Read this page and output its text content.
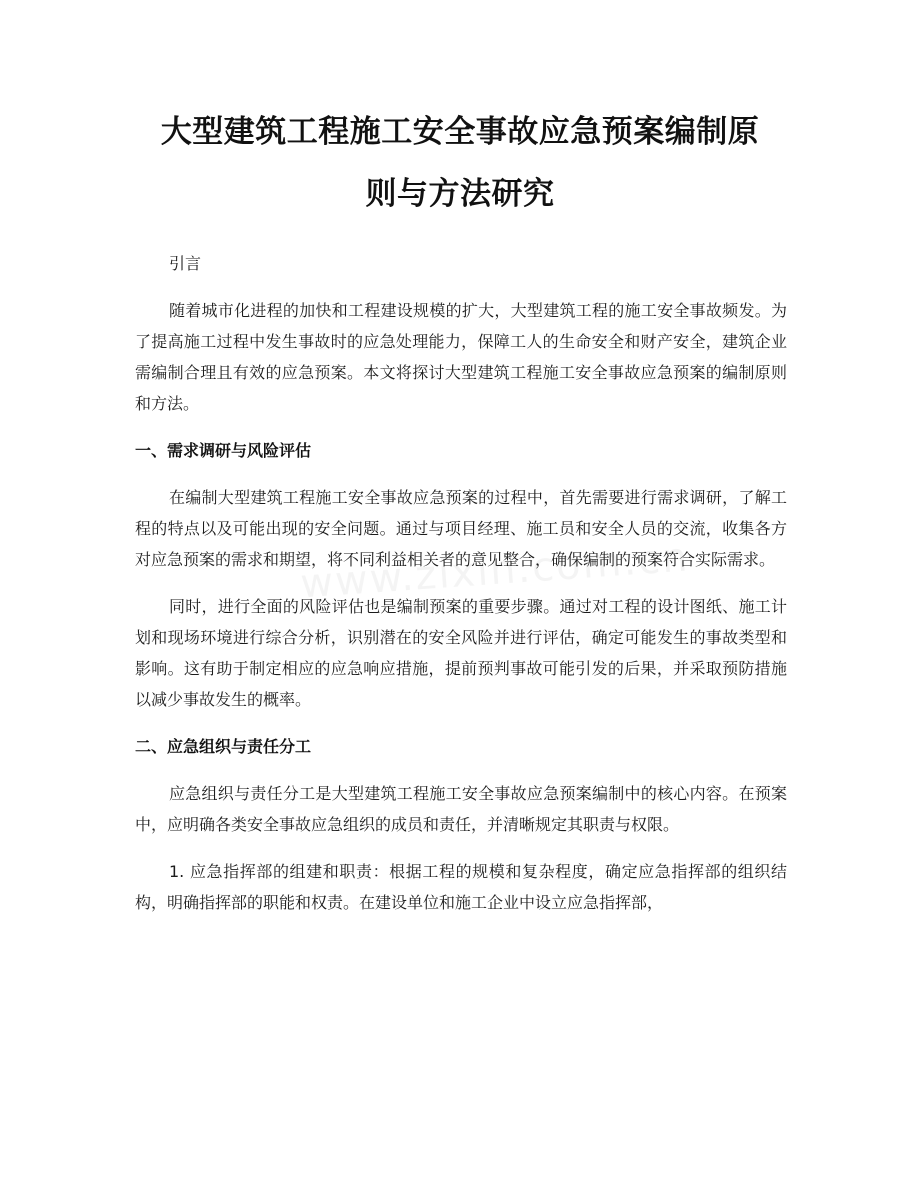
大型建筑工程施工安全事故应急预案编制原
则与方法研究

引言

随着城市化进程的加快和工程建设规模的扩大，大型建筑工程的施工安全事故频发。为了提高施工过程中发生事故时的应急处理能力，保障工人的生命安全和财产安全，建筑企业需编制合理且有效的应急预案。本文将探讨大型建筑工程施工安全事故应急预案的编制原则和方法。

一、需求调研与风险评估

在编制大型建筑工程施工安全事故应急预案的过程中，首先需要进行需求调研，了解工程的特点以及可能出现的安全问题。通过与项目经理、施工员和安全人员的交流，收集各方对应急预案的需求和期望，将不同利益相关者的意见整合，确保编制的预案符合实际需求。

同时，进行全面的风险评估也是编制预案的重要步骤。通过对工程的设计图纸、施工计划和现场环境进行综合分析，识别潜在的安全风险并进行评估，确定可能发生的事故类型和影响。这有助于制定相应的应急响应措施，提前预判事故可能引发的后果，并采取预防措施以减少事故发生的概率。

二、应急组织与责任分工

应急组织与责任分工是大型建筑工程施工安全事故应急预案编制中的核心内容。在预案中，应明确各类安全事故应急组织的成员和责任，并清晰规定其职责与权限。

1. 应急指挥部的组建和职责：根据工程的规模和复杂程度，确定应急指挥部的组织结构，明确指挥部的职能和权责。在建设单位和施工企业中设立应急指挥部，
